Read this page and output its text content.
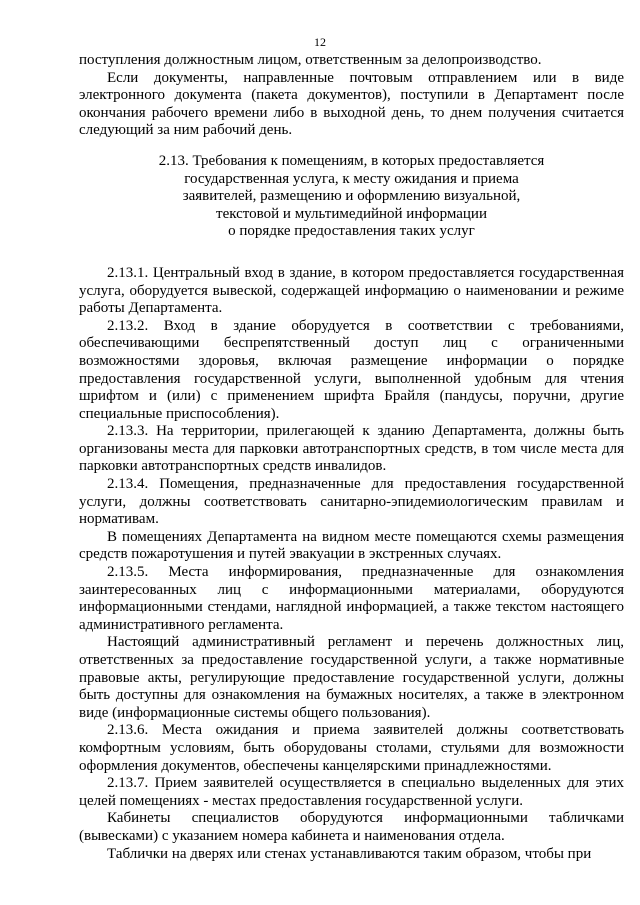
12

поступления должностным лицом, ответственным за делопроизводство.

Если документы, направленные почтовым отправлением или в виде электронного документа (пакета документов), поступили в Департамент после окончания рабочего времени либо в выходной день, то днем получения считается следующий за ним рабочий день.

2.13. Требования к помещениям, в которых предоставляется

государственная услуга, к месту ожидания и приема

заявителей, размещению и оформлению визуальной,

текстовой и мультимедийной информации

о порядке предоставления таких услуг

2.13.1. Центральный вход в здание, в котором предоставляется государственная услуга, оборудуется вывеской, содержащей информацию о наименовании и режиме работы Департамента.

2.13.2. Вход в здание оборудуется в соответствии с требованиями, обеспечивающими беспрепятственный доступ лиц с ограниченными возможностями здоровья, включая размещение информации о порядке предоставления государственной услуги, выполненной удобным для чтения шрифтом и (или) с применением шрифта Брайля (пандусы, поручни, другие специальные приспособления).

2.13.3. На территории, прилегающей к зданию Департамента, должны быть организованы места для парковки автотранспортных средств, в том числе места для парковки автотранспортных средств инвалидов.

2.13.4. Помещения, предназначенные для предоставления государственной услуги, должны соответствовать санитарно-эпидемиологическим правилам и нормативам.

В помещениях Департамента на видном месте помещаются схемы размещения средств пожаротушения и путей эвакуации в экстренных случаях.

2.13.5. Места информирования, предназначенные для ознакомления заинтересованных лиц с информационными материалами, оборудуются информационными стендами, наглядной информацией, а также текстом настоящего административного регламента.

Настоящий административный регламент и перечень должностных лиц, ответственных за предоставление государственной услуги, а также нормативные правовые акты, регулирующие предоставление государственной услуги, должны быть доступны для ознакомления на бумажных носителях, а также в электронном виде (информационные системы общего пользования).

2.13.6. Места ожидания и приема заявителей должны соответствовать комфортным условиям, быть оборудованы столами, стульями для возможности оформления документов, обеспечены канцелярскими принадлежностями.

2.13.7. Прием заявителей осуществляется в специально выделенных для этих целей помещениях - местах предоставления государственной услуги.

Кабинеты специалистов оборудуются информационными табличками (вывесками) с указанием номера кабинета и наименования отдела.

Таблички на дверях или стенах устанавливаются таким образом, чтобы при
